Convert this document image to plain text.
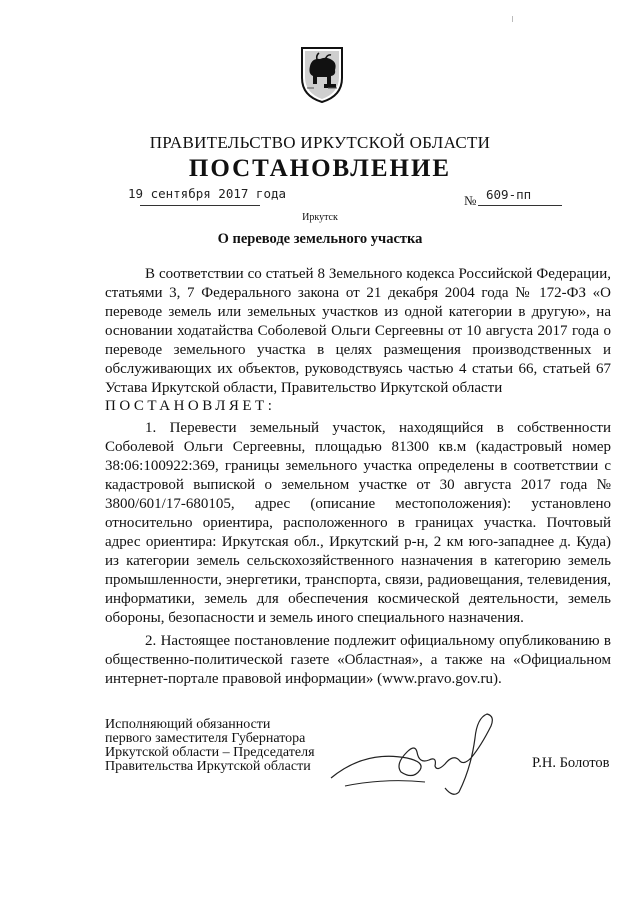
ПРАВИТЕЛЬСТВО ИРКУТСКОЙ ОБЛАСТИ
ПОСТАНОВЛЕНИЕ
19 сентября 2017 года	№ 609-пп
Иркутск
О переводе земельного участка
В соответствии со статьей 8 Земельного кодекса Российской Федерации, статьями 3, 7 Федерального закона от 21 декабря 2004 года № 172-ФЗ «О переводе земель или земельных участков из одной категории в другую», на основании ходатайства Соболевой Ольги Сергеевны от 10 августа 2017 года о переводе земельного участка в целях размещения производственных и обслуживающих их объектов, руководствуясь частью 4 статьи 66, статьей 67 Устава Иркутской области, Правительство Иркутской области
ПОСТАНОВЛЯЕТ:
1. Перевести земельный участок, находящийся в собственности Соболевой Ольги Сергеевны, площадью 81300 кв.м (кадастровый номер 38:06:100922:369, границы земельного участка определены в соответствии с кадастровой выпиской о земельном участке от 30 августа 2017 года № 3800/601/17-680105, адрес (описание местоположения): установлено относительно ориентира, расположенного в границах участка. Почтовый адрес ориентира: Иркутская обл., Иркутский р-н, 2 км юго-западнее д. Куда) из категории земель сельскохозяйственного назначения в категорию земель промышленности, энергетики, транспорта, связи, радиовещания, телевидения, информатики, земель для обеспечения космической деятельности, земель обороны, безопасности и земель иного специального назначения.
2. Настоящее постановление подлежит официальному опубликованию в общественно-политической газете «Областная», а также на «Официальном интернет-портале правовой информации» (www.pravo.gov.ru).
Исполняющий обязанности
первого заместителя Губернатора
Иркутской области – Председателя
Правительства Иркутской области	Р.Н. Болотов
